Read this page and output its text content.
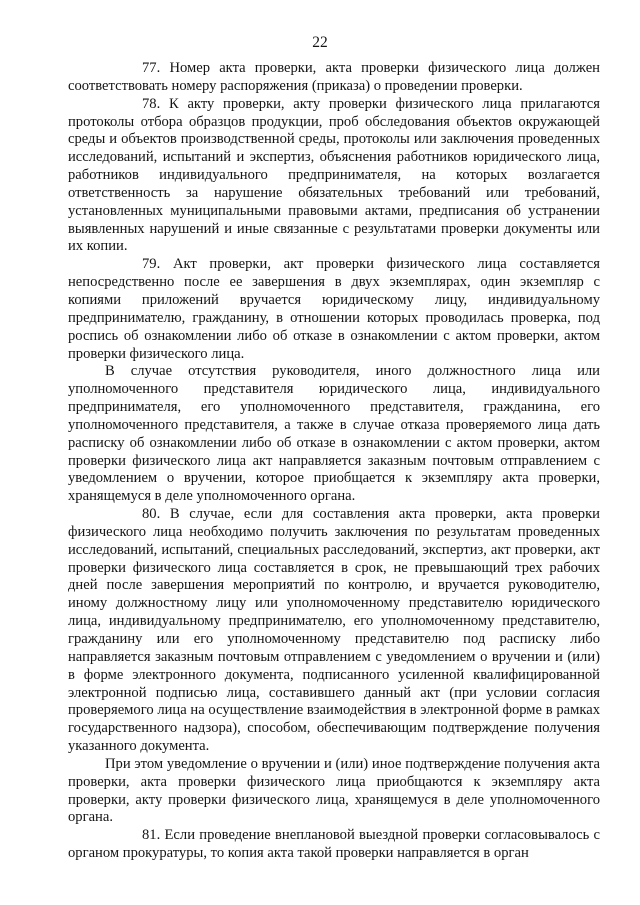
22

77. Номер акта проверки, акта проверки физического лица должен соответствовать номеру распоряжения (приказа) о проведении проверки.

78. К акту проверки, акту проверки физического лица прилагаются протоколы отбора образцов продукции, проб обследования объектов окружающей среды и объектов производственной среды, протоколы или заключения проведенных исследований, испытаний и экспертиз, объяснения работников юридического лица, работников индивидуального предпринимателя, на которых возлагается ответственность за нарушение обязательных требований или требований, установленных муниципальными правовыми актами, предписания об устранении выявленных нарушений и иные связанные с результатами проверки документы или их копии.

79. Акт проверки, акт проверки физического лица составляется непосредственно после ее завершения в двух экземплярах, один экземпляр с копиями приложений вручается юридическому лицу, индивидуальному предпринимателю, гражданину, в отношении которых проводилась проверка, под роспись об ознакомлении либо об отказе в ознакомлении с актом проверки, актом проверки физического лица.

В случае отсутствия руководителя, иного должностного лица или уполномоченного представителя юридического лица, индивидуального предпринимателя, его уполномоченного представителя, гражданина, его уполномоченного представителя, а также в случае отказа проверяемого лица дать расписку об ознакомлении либо об отказе в ознакомлении с актом проверки, актом проверки физического лица акт направляется заказным почтовым отправлением с уведомлением о вручении, которое приобщается к экземпляру акта проверки, хранящемуся в деле уполномоченного органа.

80. В случае, если для составления акта проверки, акта проверки физического лица необходимо получить заключения по результатам проведенных исследований, испытаний, специальных расследований, экспертиз, акт проверки, акт проверки физического лица составляется в срок, не превышающий трех рабочих дней после завершения мероприятий по контролю, и вручается руководителю, иному должностному лицу или уполномоченному представителю юридического лица, индивидуальному предпринимателю, его уполномоченному представителю, гражданину или его уполномоченному представителю под расписку либо направляется заказным почтовым отправлением с уведомлением о вручении и (или) в форме электронного документа, подписанного усиленной квалифицированной электронной подписью лица, составившего данный акт (при условии согласия проверяемого лица на осуществление взаимодействия в электронной форме в рамках государственного надзора), способом, обеспечивающим подтверждение получения указанного документа.

При этом уведомление о вручении и (или) иное подтверждение получения акта проверки, акта проверки физического лица приобщаются к экземпляру акта проверки, акту проверки физического лица, хранящемуся в деле уполномоченного органа.

81. Если проведение внеплановой выездной проверки согласовывалось с органом прокуратуры, то копия акта такой проверки направляется в орган
